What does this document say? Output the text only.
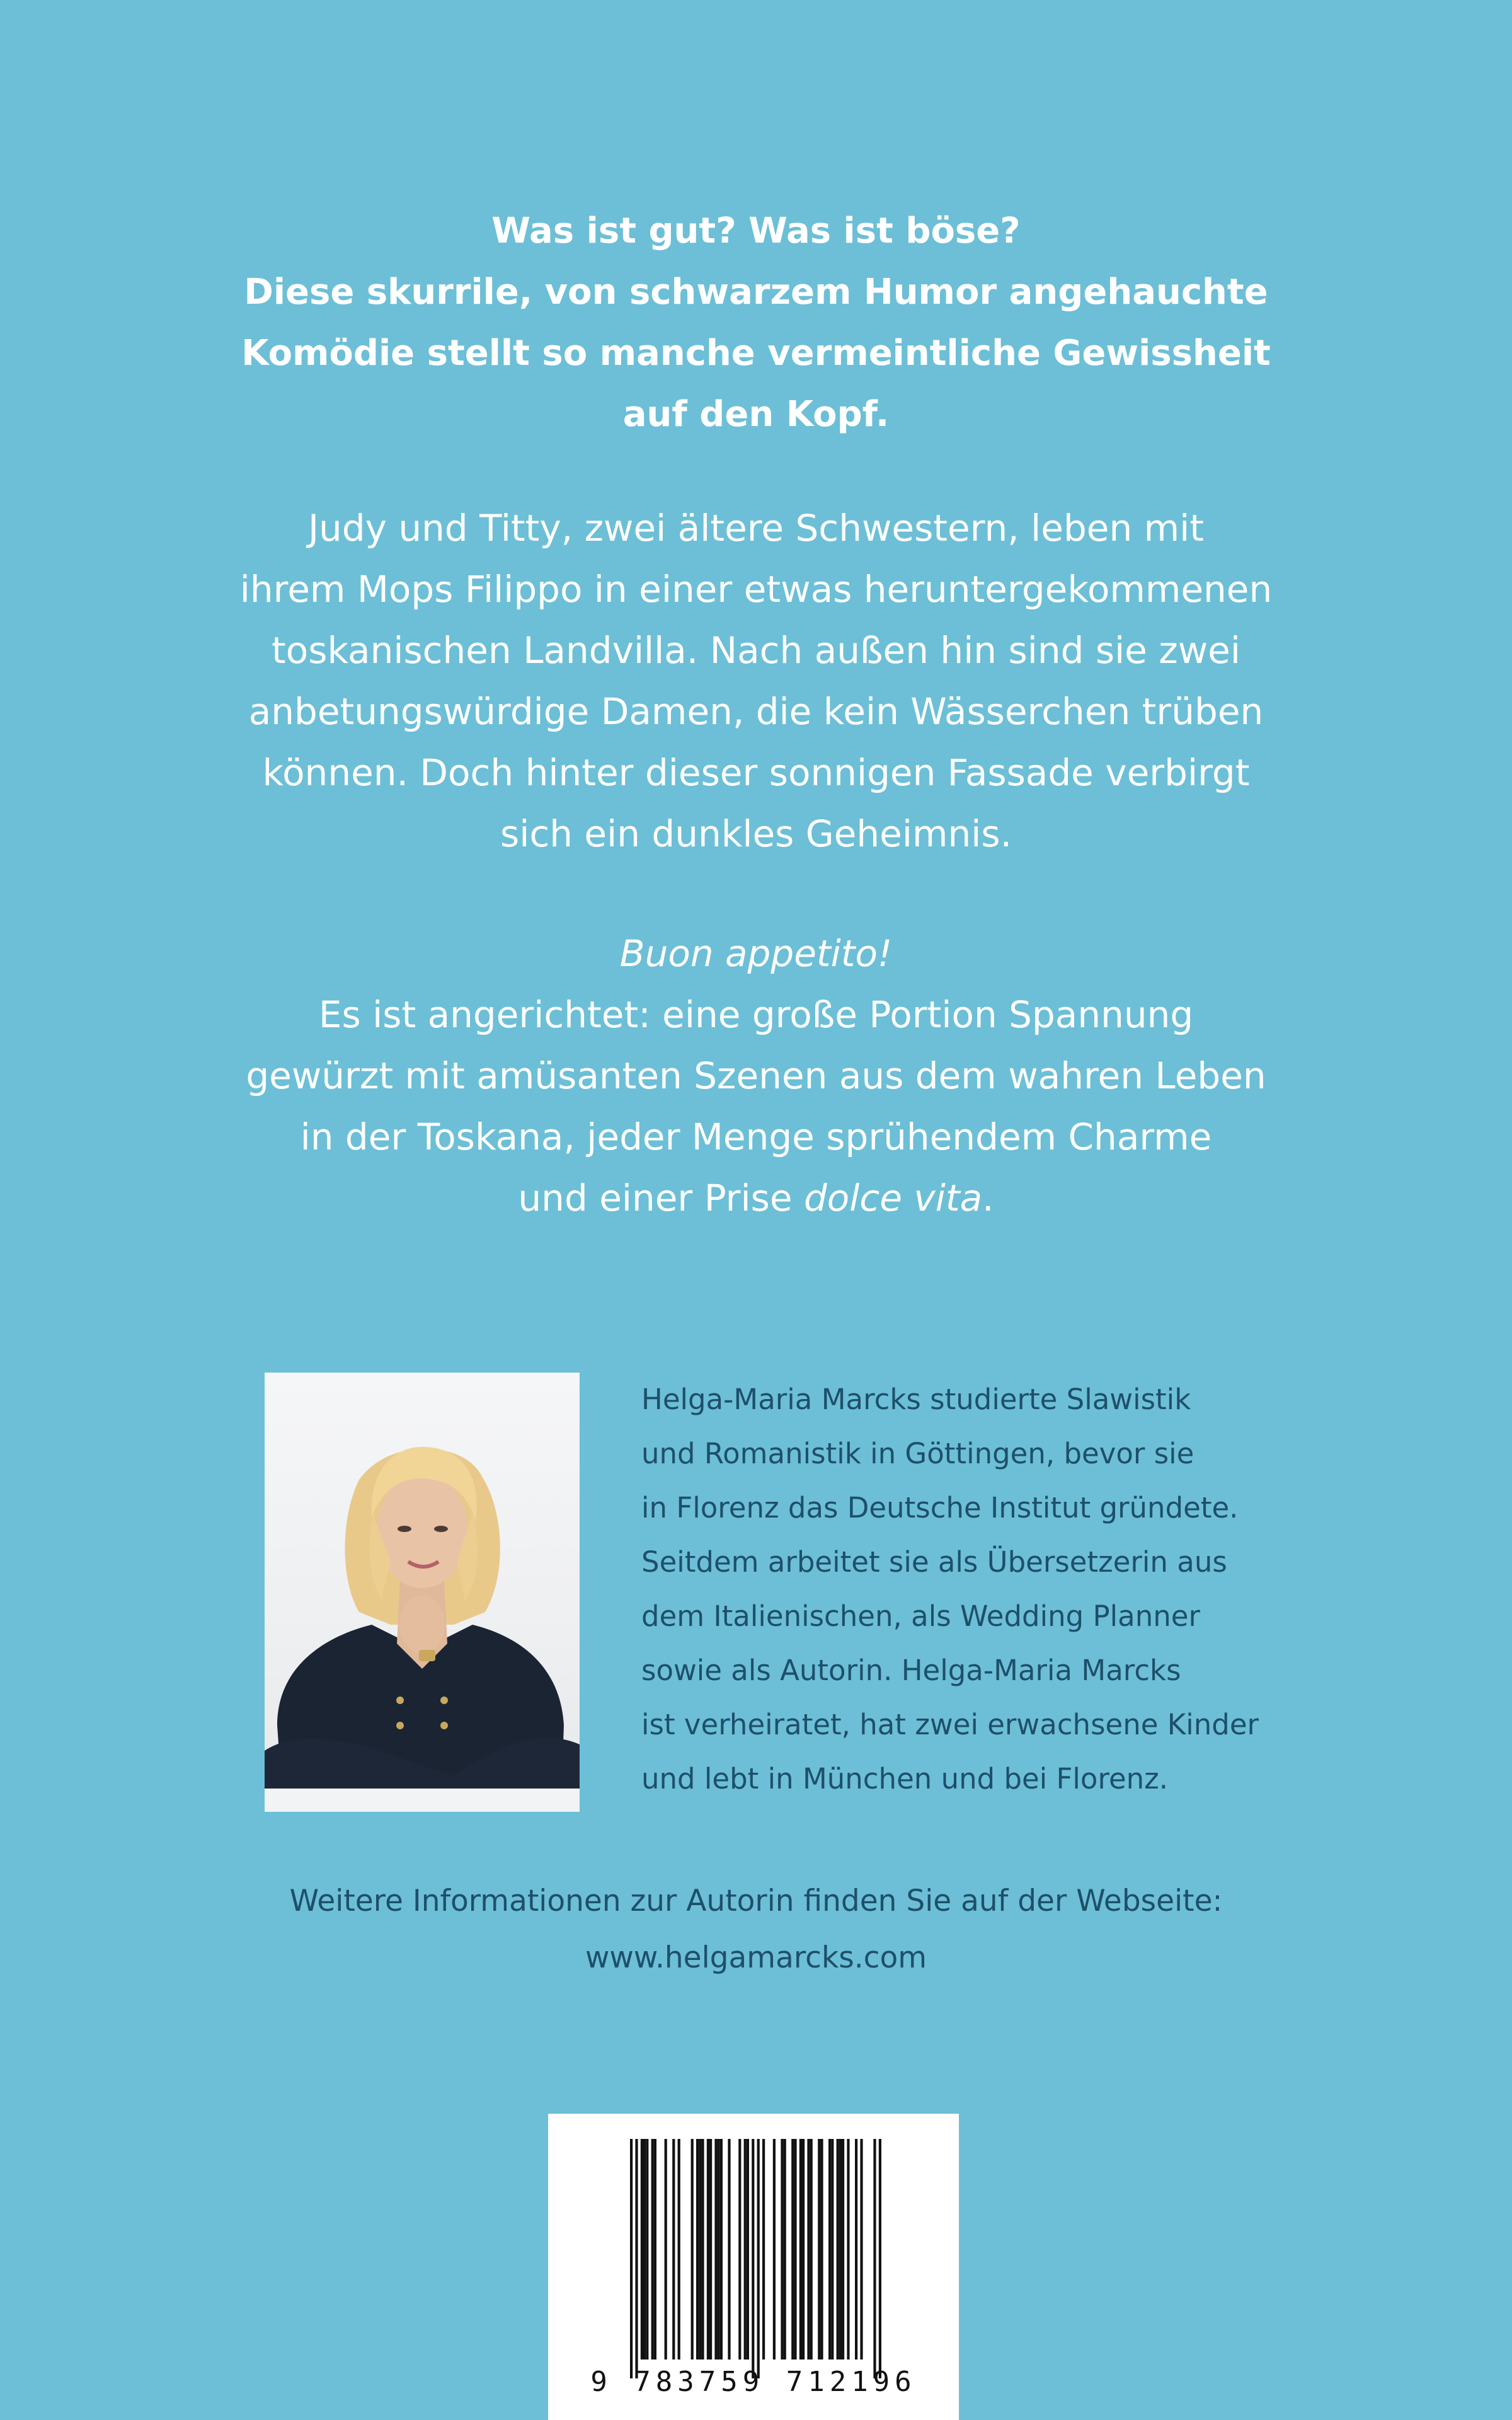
Was ist gut? Was ist böse?
Diese skurrile, von schwarzem Humor angehauchte
Komödie stellt so manche vermeintliche Gewissheit
auf den Kopf.
Judy und Titty, zwei ältere Schwestern, leben mit
ihrem Mops Filippo in einer etwas heruntergekommenen
toskanischen Landvilla. Nach außen hin sind sie zwei
anbetungswürdige Damen, die kein Wässerchen trüben
können. Doch hinter dieser sonnigen Fassade verbirgt
sich ein dunkles Geheimnis.
Buon appetito!
Es ist angerichtet: eine große Portion Spannung
gewürzt mit amüsanten Szenen aus dem wahren Leben
in der Toskana, jeder Menge sprühendem Charme
und einer Prise dolce vita.
Helga-Maria Marcks studierte Slawistik
und Romanistik in Göttingen, bevor sie
in Florenz das Deutsche Institut gründete.
Seitdem arbeitet sie als Übersetzerin aus
dem Italienischen, als Wedding Planner
sowie als Autorin. Helga-Maria Marcks
ist verheiratet, hat zwei erwachsene Kinder
und lebt in München und bei Florenz.
Weitere Informationen zur Autorin finden Sie auf der Webseite:
www.helgamarcks.com
9 783759 712196
